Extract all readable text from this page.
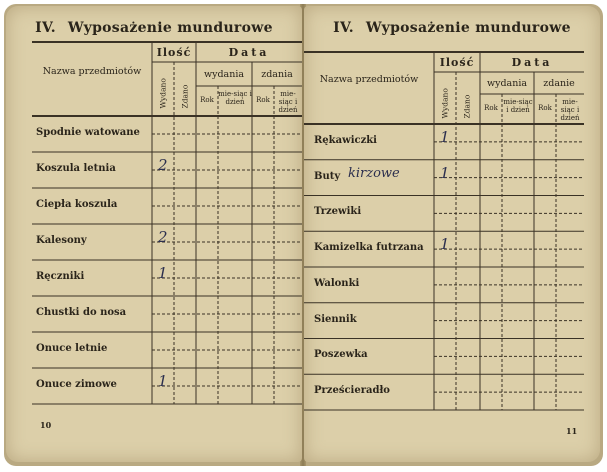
IV. Wyposażenie mundurowe
Nazwa przedmiotów
Ilość
Wydano Zdano
Data
wydania	zdania
Rok
mie-siąc i dzień	Rok
mie-siąc i dzień
Spodnie watowane
Koszula letnia	2
Ciepła koszula
Kalesony	2
Ręczniki	1
Chustki do nosa
Onuce letnie
Onuce zimowe	1
10
IV. Wyposażenie mundurowe
Nazwa przedmiotów
Ilość
Wydano Zdano
Data
wydania	zdanie
Rok
mie-siąc i dzień	Rok
mie-siąc i dzień
Rękawiczki	1
Buty kirzowe	1
Trzewiki
Kamizelka futrzana 1
Walonki
Siennik
Poszewka
Prześcieradło
11
